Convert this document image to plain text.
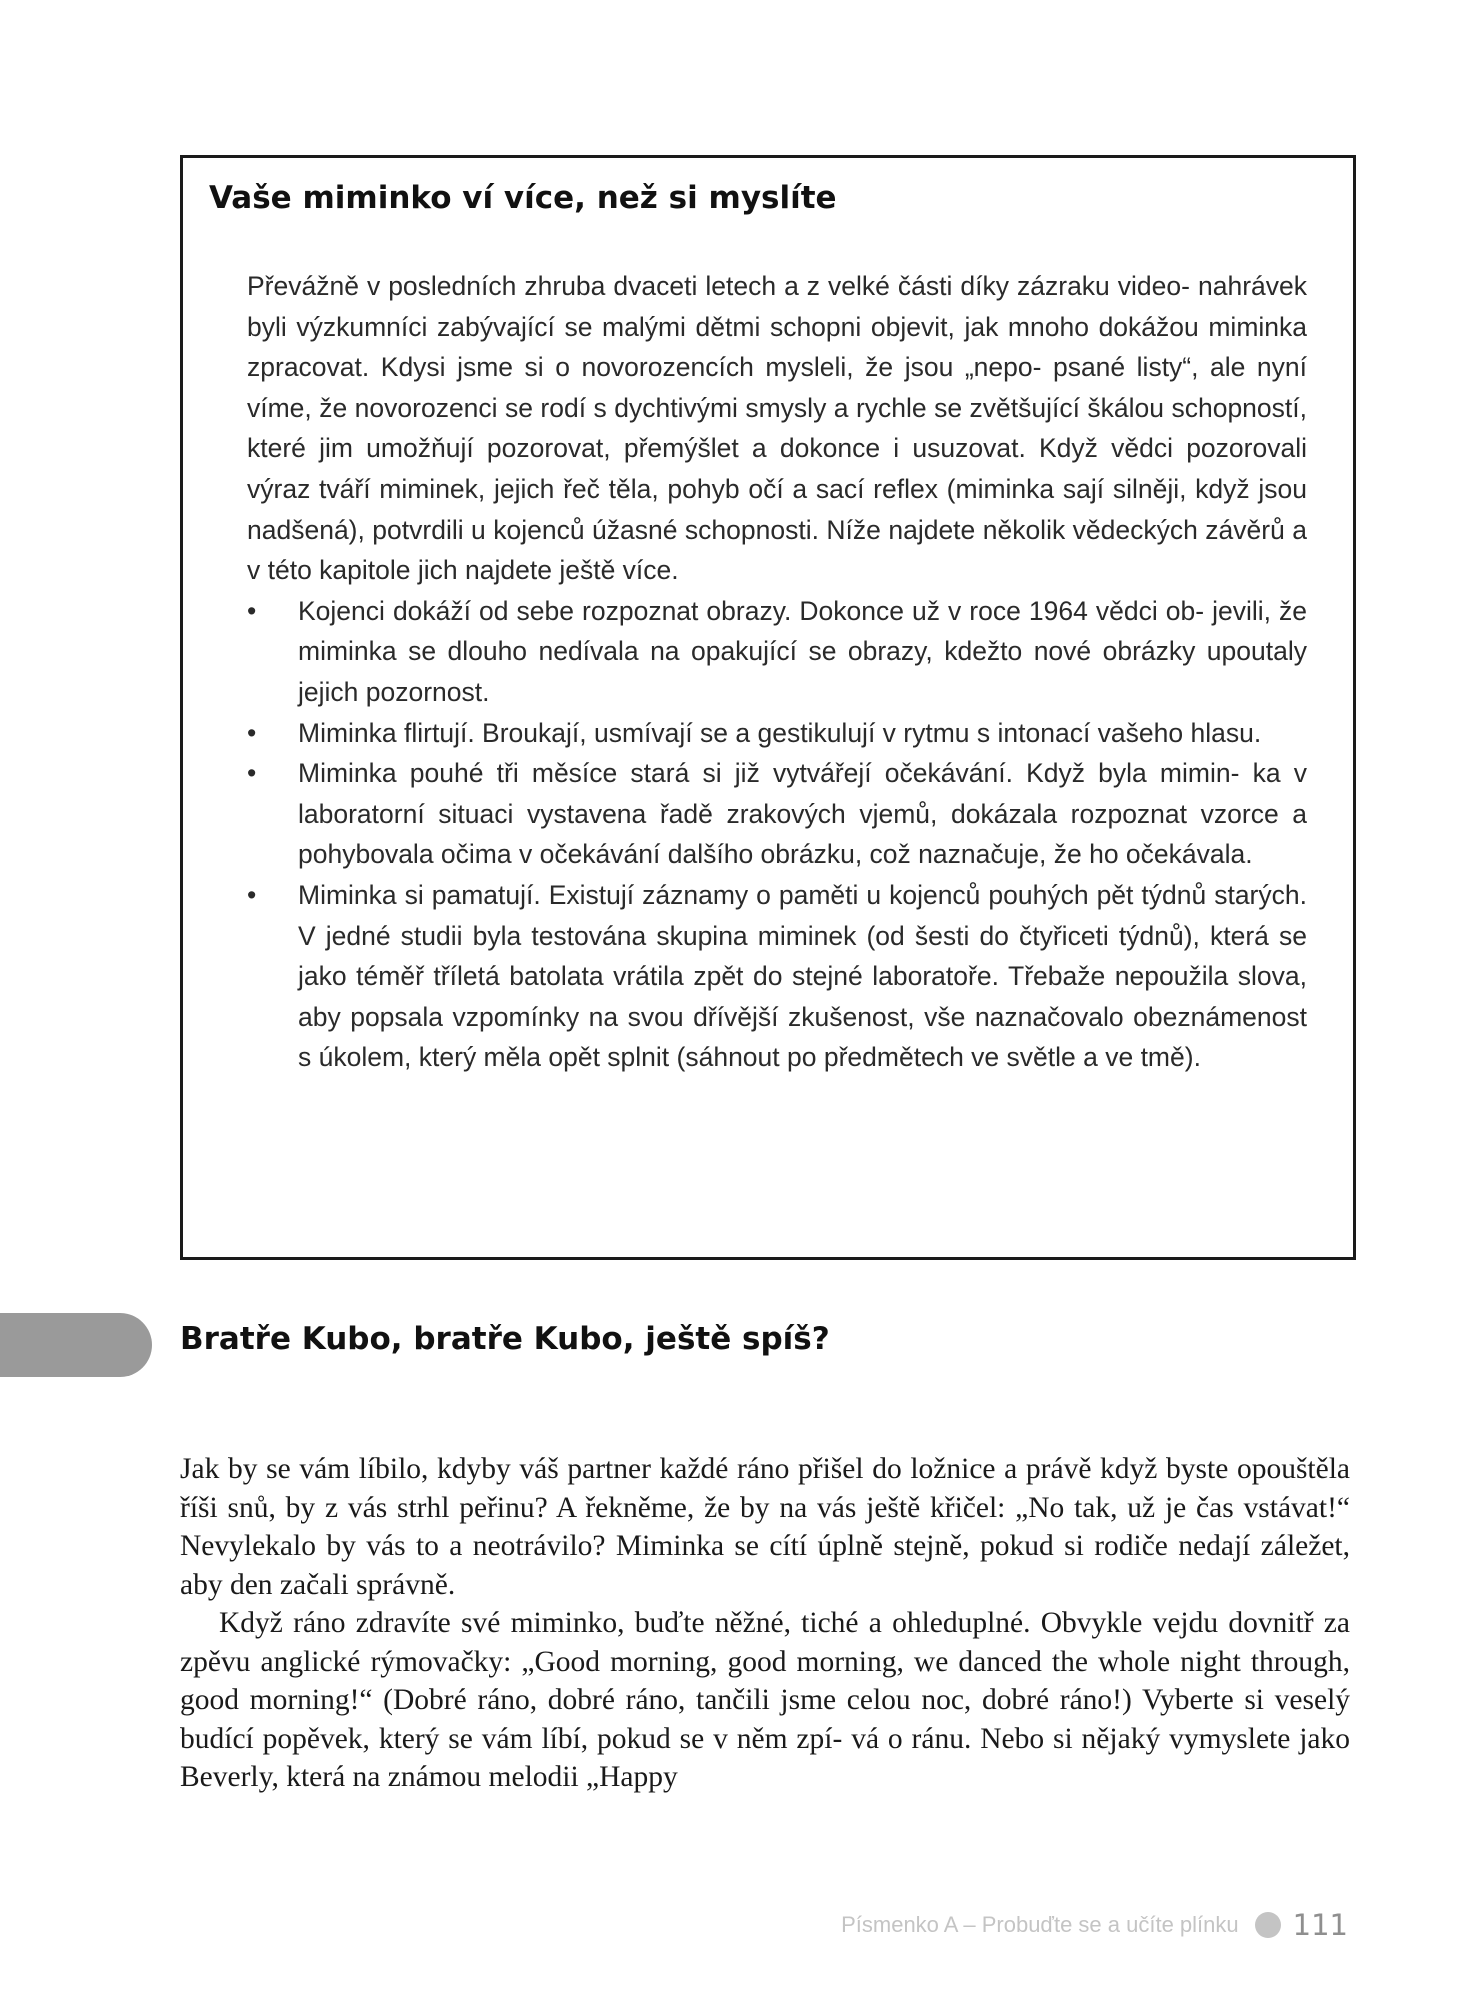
Vaše miminko ví více, než si myslíte

Převážně v posledních zhruba dvaceti letech a z velké části díky zázraku video- nahrávek byli výzkumníci zabývající se malými dětmi schopni objevit, jak mnoho dokážou miminka zpracovat. Kdysi jsme si o novorozencích mysleli, že jsou „nepo- psané listy“, ale nyní víme, že novorozenci se rodí s dychtivými smysly a rychle se zvětšující škálou schopností, které jim umožňují pozorovat, přemýšlet a dokonce i usuzovat. Když vědci pozorovali výraz tváří miminek, jejich řeč těla, pohyb očí a sací reflex (miminka sají silněji, když jsou nadšená), potvrdili u kojenců úžasné schopnosti. Níže najdete několik vědeckých závěrů a v této kapitole jich najdete ještě více.

• Kojenci dokáží od sebe rozpoznat obrazy. Dokonce už v roce 1964 vědci ob- jevili, že miminka se dlouho nedívala na opakující se obrazy, kdežto nové obrázky upoutaly jejich pozornost.
• Miminka flirtují. Broukají, usmívají se a gestikulují v rytmu s intonací vašeho hlasu.
• Miminka pouhé tři měsíce stará si již vytvářejí očekávání. Když byla mimin- ka v laboratorní situaci vystavena řadě zrakových vjemů, dokázala rozpoznat vzorce a pohybovala očima v očekávání dalšího obrázku, což naznačuje, že ho očekávala.
• Miminka si pamatují. Existují záznamy o paměti u kojenců pouhých pět týdnů starých. V jedné studii byla testována skupina miminek (od šesti do čtyřiceti týdnů), která se jako téměř tříletá batolata vrátila zpět do stejné laboratoře. Třebaže nepoužila slova, aby popsala vzpomínky na svou dřívější zkušenost, vše naznačovalo obeznámenost s úkolem, který měla opět splnit (sáhnout po předmětech ve světle a ve tmě).
Bratře Kubo, bratře Kubo, ještě spíš?

Jak by se vám líbilo, kdyby váš partner každé ráno přišel do ložnice a právě když byste opouštěla říši snů, by z vás strhl peřinu? A řekněme, že by na vás ještě křičel: „No tak, už je čas vstávat!“ Nevylekalo by vás to a neotrávilo? Miminka se cítí úplně stejně, pokud si rodiče nedají záležet, aby den začali správně.

Když ráno zdravíte své miminko, buďte něžné, tiché a ohleduplné. Obvykle vejdu dovnitř za zpěvu anglické rýmovačky: „Good morning, good morning, we danced the whole night through, good morning!“ (Dobré ráno, dobré ráno, tančili jsme celou noc, dobré ráno!) Vyberte si veselý budící popěvek, který se vám líbí, pokud se v něm zpí- vá o ránu. Nebo si nějaký vymyslete jako Beverly, která na známou melodii „Happy

Písmenko A – Probuďte se a učíte plínku 111
